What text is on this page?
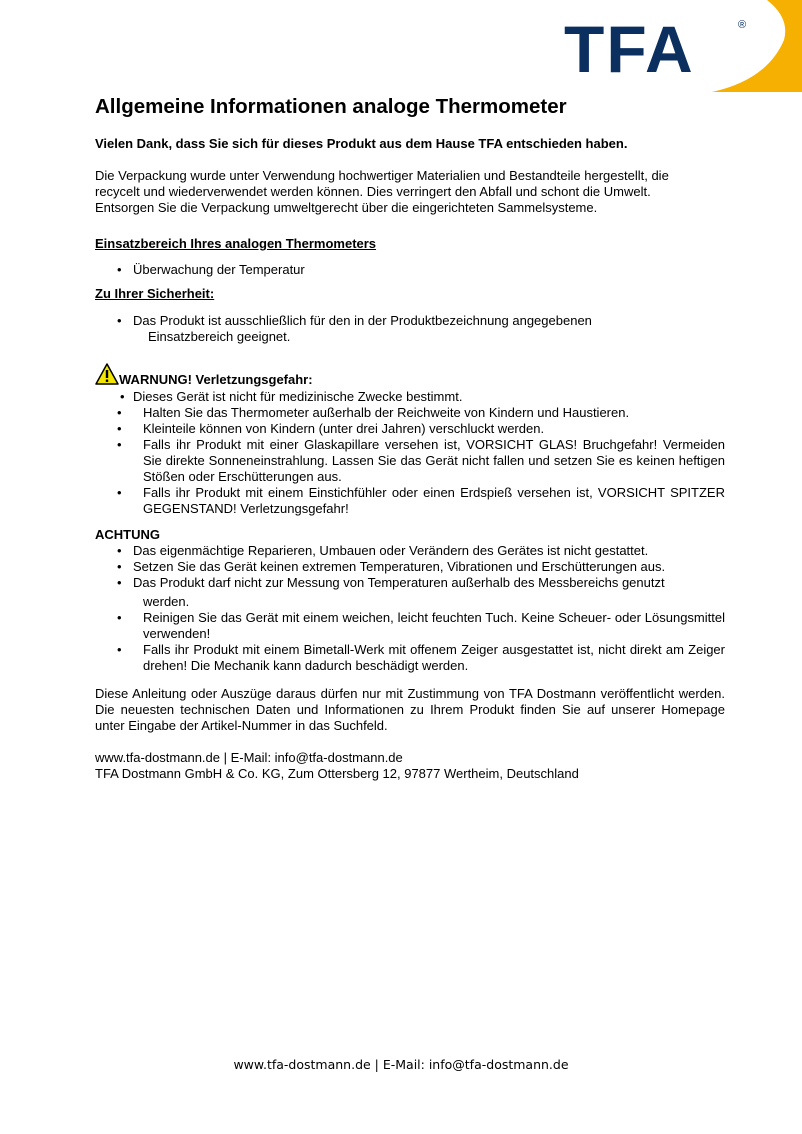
TFA	®
Allgemeine Informationen analoge Thermometer
Vielen Dank, dass Sie sich für dieses Produkt aus dem Hause TFA entschieden haben.
Die Verpackung wurde unter Verwendung hochwertiger Materialien und Bestandteile hergestellt, die
recycelt und wiederverwendet werden können. Dies verringert den Abfall und schont die Umwelt.
Entsorgen Sie die Verpackung umweltgerecht über die eingerichteten Sammelsysteme.
Einsatzbereich Ihres analogen Thermometers
• Überwachung der Temperatur
Zu Ihrer Sicherheit:
• Das Produkt ist ausschließlich für den in der Produktbezeichnung angegebenen
Einsatzbereich geeignet.
WARNUNG! Verletzungsgefahr:
• Dieses Gerät ist nicht für medizinische Zwecke bestimmt.
• Halten Sie das Thermometer außerhalb der Reichweite von Kindern und Haustieren.
• Kleinteile können von Kindern (unter drei Jahren) verschluckt werden.
• Falls ihr Produkt mit einer Glaskapillare versehen ist, VORSICHT GLAS! Bruchgefahr! Vermeiden Sie direkte Sonneneinstrahlung. Lassen Sie das Gerät nicht fallen und setzen Sie es keinen heftigen Stößen oder Erschütterungen aus.
• Falls ihr Produkt mit einem Einstichfühler oder einen Erdspieß versehen ist, VORSICHT SPITZER GEGENSTAND! Verletzungsgefahr!
ACHTUNG
• Das eigenmächtige Reparieren, Umbauen oder Verändern des Gerätes ist nicht gestattet.
• Setzen Sie das Gerät keinen extremen Temperaturen, Vibrationen und Erschütterungen aus.
• Das Produkt darf nicht zur Messung von Temperaturen außerhalb des Messbereichs genutzt
werden.
• Reinigen Sie das Gerät mit einem weichen, leicht feuchten Tuch. Keine Scheuer- oder Lösungsmittel verwenden!
• Falls ihr Produkt mit einem Bimetall-Werk mit offenem Zeiger ausgestattet ist, nicht direkt am Zeiger drehen! Die Mechanik kann dadurch beschädigt werden.
Diese Anleitung oder Auszüge daraus dürfen nur mit Zustimmung von TFA Dostmann veröffentlicht werden. Die neuesten technischen Daten und Informationen zu Ihrem Produkt finden Sie auf unserer Homepage unter Eingabe der Artikel-Nummer in das Suchfeld.
www.tfa-dostmann.de | E-Mail: info@tfa-dostmann.de
TFA Dostmann GmbH & Co. KG, Zum Ottersberg 12, 97877 Wertheim, Deutschland
www.tfa-dostmann.de | E-Mail: info@tfa-dostmann.de
